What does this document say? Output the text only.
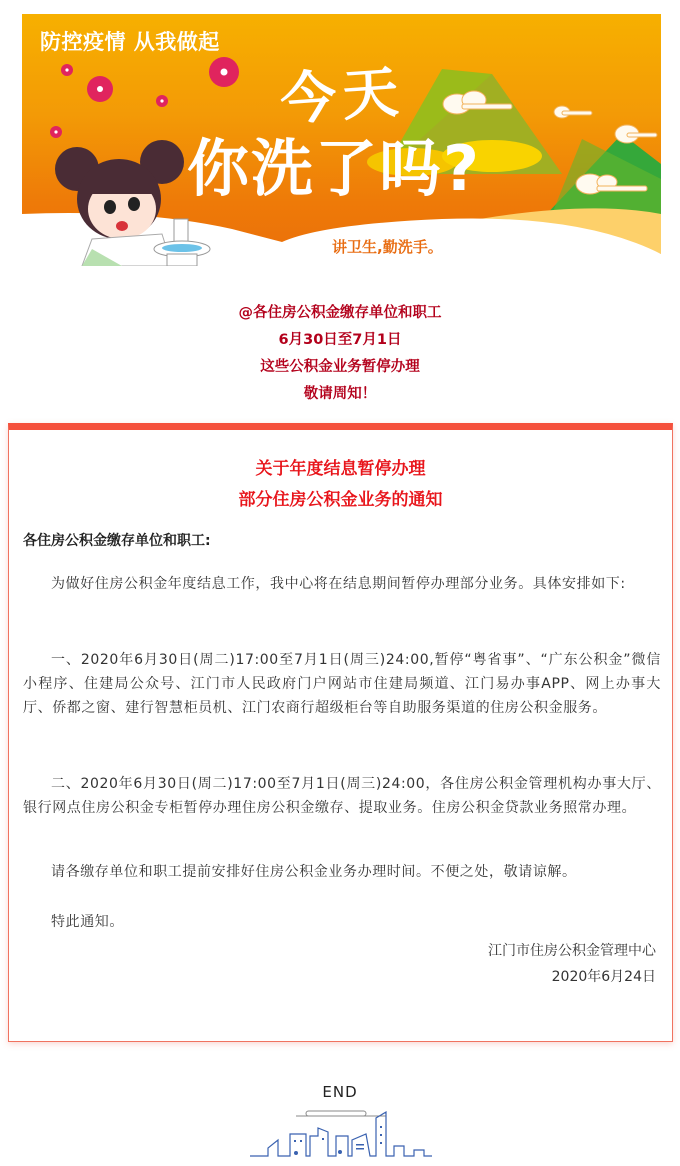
防控疫情 从我做起
今天
你洗了吗?
讲卫生,勤洗手。
@各住房公积金缴存单位和职工
6月30日至7月1日
这些公积金业务暂停办理
敬请周知！
关于年度结息暂停办理
部分住房公积金业务的通知
各住房公积金缴存单位和职工:
为做好住房公积金年度结息工作，我中心将在结息期间暂停办理部分业务。具体安排如下:
一、2020年6月30日(周二)17:00至7月1日(周三)24:00,暂停“粤省事”、“广东公积金”微信小程序、住建局公众号、江门市人民政府门户网站市住建局频道、江门易办事APP、网上办事大厅、侨都之窗、建行智慧柜员机、江门农商行超级柜台等自助服务渠道的住房公积金服务。
二、2020年6月30日(周二)17:00至7月1日(周三)24:00，各住房公积金管理机构办事大厅、银行网点住房公积金专柜暂停办理住房公积金缴存、提取业务。住房公积金贷款业务照常办理。
请各缴存单位和职工提前安排好住房公积金业务办理时间。不便之处，敬请谅解。
特此通知。
江门市住房公积金管理中心
2020年6月24日
END
